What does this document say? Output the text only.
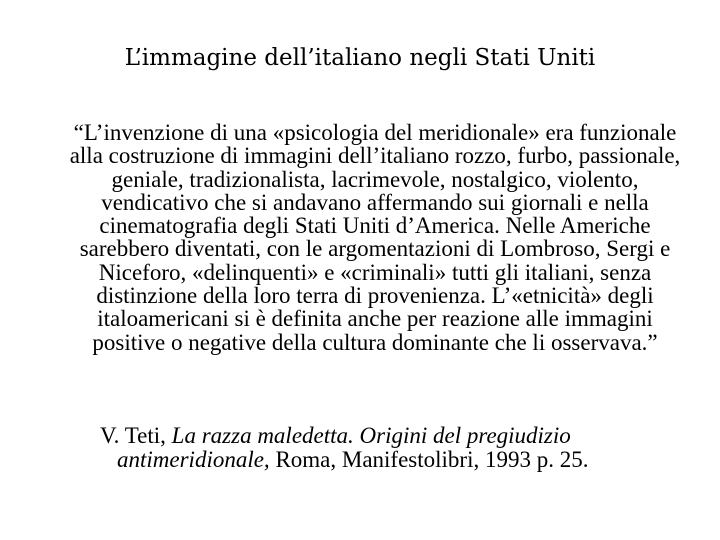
L’immagine dell’italiano negli Stati Uniti

“L’invenzione di una «psicologia del meridionale» era funzionale alla costruzione di immagini dell’italiano rozzo, furbo, passionale, geniale, tradizionalista, lacrimevole, nostalgico, violento, vendicativo che si andavano affermando sui giornali e nella cinematografia degli Stati Uniti d’America. Nelle Americhe sarebbero diventati, con le argomentazioni di Lombroso, Sergi e Niceforo, «delinquenti» e «criminali» tutti gli italiani, senza distinzione della loro terra di provenienza. L’«etnicità» degli italoamericani si è definita anche per reazione alle immagini positive o negative della cultura dominante che li osservava.”

V. Teti, La razza maledetta. Origini del pregiudizio
antimeridionale, Roma, Manifestolibri, 1993 p. 25.
